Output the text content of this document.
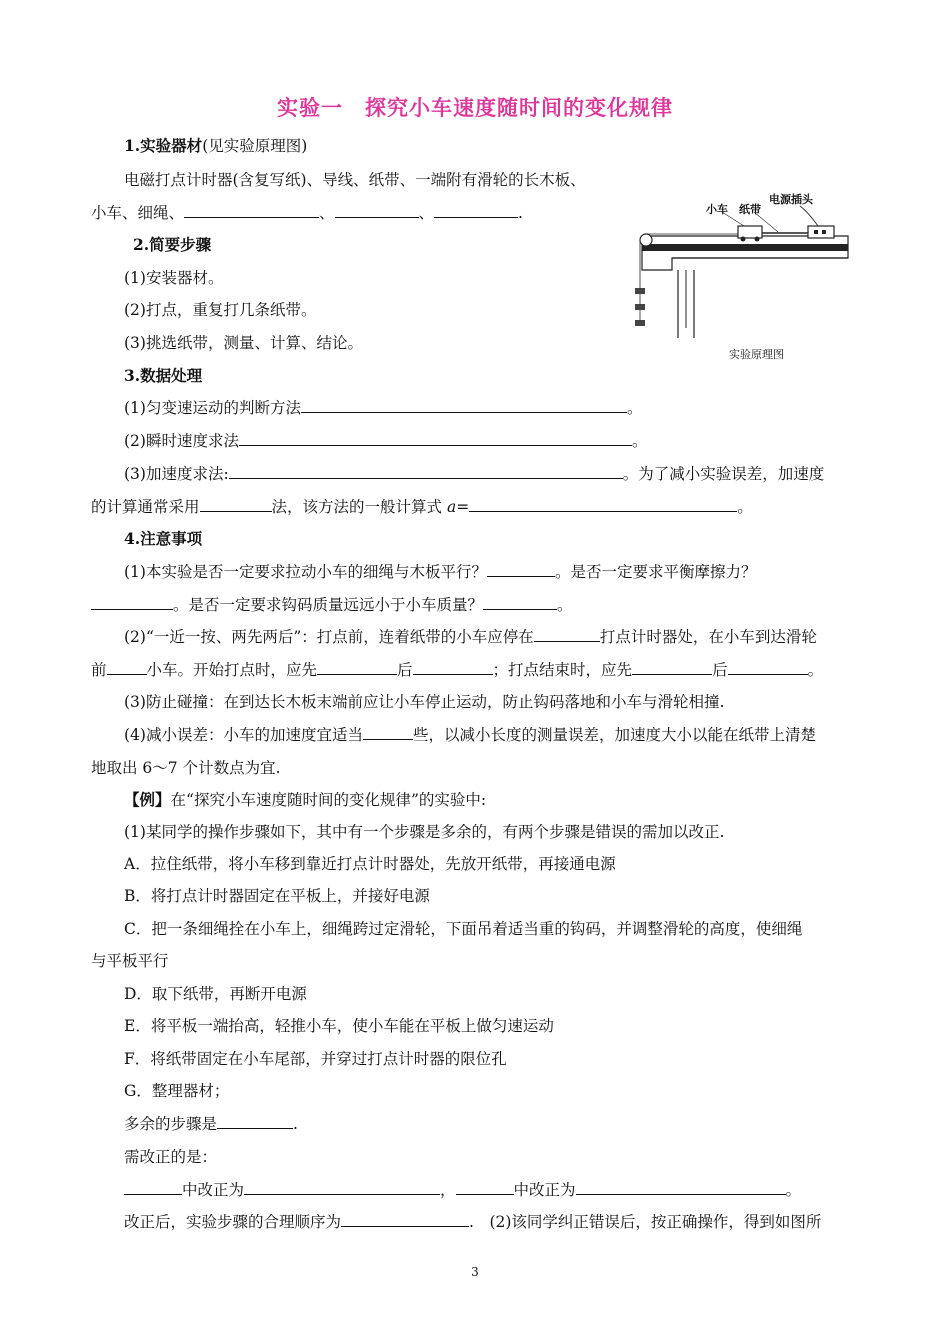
实验一　探究小车速度随时间的变化规律
1.实验器材(见实验原理图)
电磁打点计时器(含复写纸)、导线、纸带、一端附有滑轮的长木板、
小车、细绳、	、	、	.
2.简要步骤
(1)安装器材。
(2)打点，重复打几条纸带。
(3)挑选纸带，测量、计算、结论。
小车 纸带
电源插头
实验原理图
3.数据处理
(1)匀变速运动的判断方法	。
(2)瞬时速度求法	。
(3)加速度求法:	。为了减小实验误差，加速度
的计算通常采用	法，该方法的一般计算式 a=	。
4.注意事项
(1)本实验是否一定要求拉动小车的细绳与木板平行？	。是否一定要求平衡摩擦力？
。是否一定要求钩码质量远远小于小车质量？	。
(2)“一近一按、两先两后”：打点前，连着纸带的小车应停在	打点计时器处，在小车到达滑轮
前	小车。开始打点时，应先	后	；打点结束时，应先	后	。
(3)防止碰撞：在到达长木板末端前应让小车停止运动，防止钩码落地和小车与滑轮相撞.
(4)减小误差：小车的加速度宜适当	些，以减小长度的测量误差，加速度大小以能在纸带上清楚
地取出 6～7 个计数点为宜.
【例】在“探究小车速度随时间的变化规律”的实验中:
(1)某同学的操作步骤如下，其中有一个步骤是多余的，有两个步骤是错误的需加以改正.
A．拉住纸带，将小车移到靠近打点计时器处，先放开纸带，再接通电源
B．将打点计时器固定在平板上，并接好电源
C．把一条细绳拴在小车上，细绳跨过定滑轮，下面吊着适当重的钩码，并调整滑轮的高度，使细绳
与平板平行
D．取下纸带，再断开电源
E．将平板一端抬高，轻推小车，使小车能在平板上做匀速运动
F．将纸带固定在小车尾部，并穿过打点计时器的限位孔
G．整理器材；
多余的步骤是	.
需改正的是：
中改正为	，	中改正为	。
改正后，实验步骤的合理顺序为	.　(2)该同学纠正错误后，按正确操作，得到如图所
3
